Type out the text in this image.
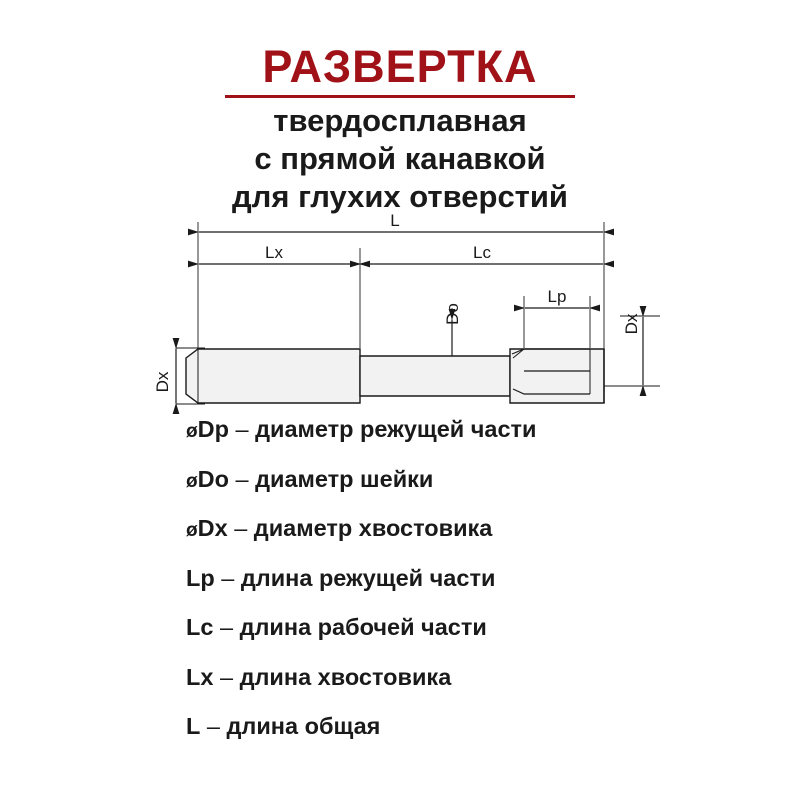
РАЗВЕРТКА
твердосплавная
с прямой канавкой
для глухих отверстий
L
Lx	Lc
Lp
Do
Dx
Dx
øDp – диаметр режущей части
øDo – диаметр шейки
øDx – диаметр хвостовика
Lp – длина режущей части
Lc – длина рабочей части
Lx – длина хвостовика
L – длина общая
